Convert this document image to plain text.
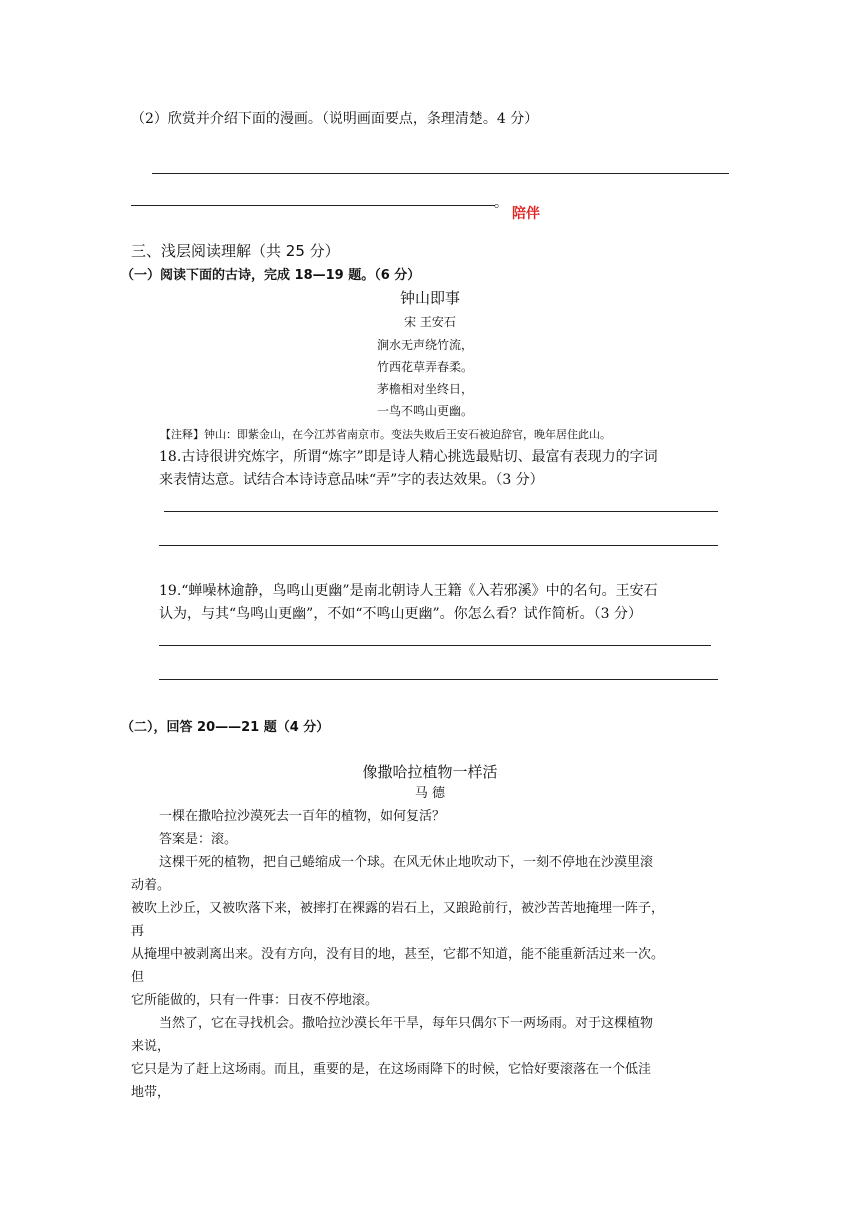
（2）欣赏并介绍下面的漫画。（说明画面要点，条理清楚。4 分）
。
陪伴
三、浅层阅读理解（共 25 分）
（一）阅读下面的古诗，完成 18—19 题。（6 分）
钟山即事
宋 王安石
涧水无声绕竹流，
竹西花草弄春柔。
茅檐相对坐终日，
一鸟不鸣山更幽。
【注释】钟山：即紫金山，在今江苏省南京市。变法失败后王安石被迫辞官，晚年居住此山。
18.古诗很讲究炼字，所谓“炼字”即是诗人精心挑选最贴切、最富有表现力的字词
来表情达意。试结合本诗诗意品味“弄”字的表达效果。（3 分）
19.“蝉噪林逾静，鸟鸣山更幽”是南北朝诗人王籍《入若邪溪》中的名句。王安石
认为，与其“鸟鸣山更幽”，不如“不鸣山更幽”。你怎么看？试作简析。（3 分）
（二），回答 20——21 题（4 分）
像撒哈拉植物一样活
马 德
一棵在撒哈拉沙漠死去一百年的植物，如何复活？
答案是：滚。
这棵干死的植物，把自己蜷缩成一个球。在风无休止地吹动下，一刻不停地在沙漠里滚
动着。
被吹上沙丘，又被吹落下来，被摔打在裸露的岩石上，又踉跄前行，被沙苦苦地掩埋一阵子，
再
从掩埋中被剥离出来。没有方向，没有目的地，甚至，它都不知道，能不能重新活过来一次。
但
它所能做的，只有一件事：日夜不停地滚。
当然了，它在寻找机会。撒哈拉沙漠长年干旱，每年只偶尔下一两场雨。对于这棵植物
来说，
它只是为了赶上这场雨。而且，重要的是，在这场雨降下的时候，它恰好要滚落在一个低洼
地带，
